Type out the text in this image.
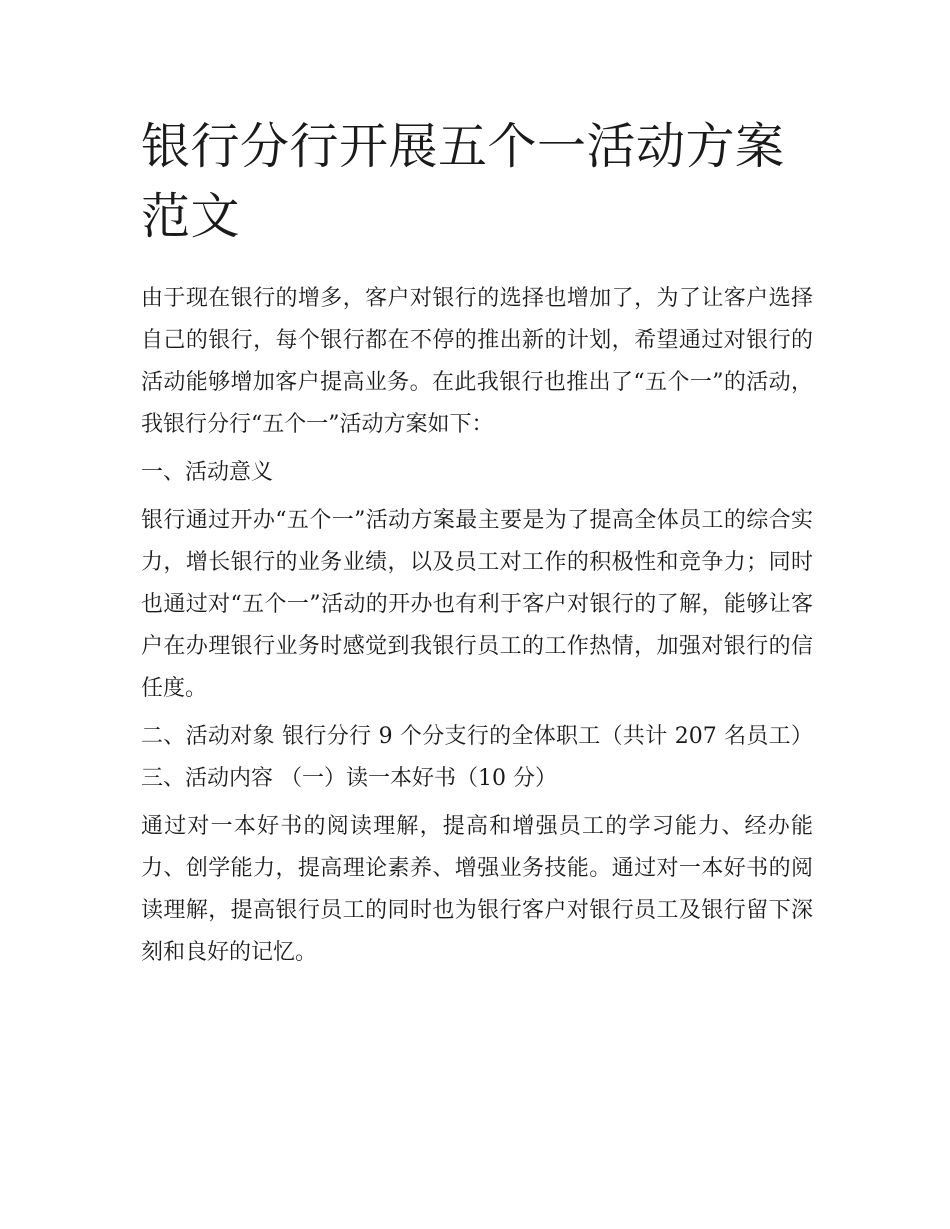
银行分行开展五个一活动方案范文

由于现在银行的增多，客户对银行的选择也增加了，为了让客户选择自己的银行，每个银行都在不停的推出新的计划，希望通过对银行的活动能够增加客户提高业务。在此我银行也推出了“五个一”的活动，我银行分行“五个一”活动方案如下：

一、活动意义

银行通过开办“五个一”活动方案最主要是为了提高全体员工的综合实力，增长银行的业务业绩，以及员工对工作的积极性和竞争力；同时也通过对“五个一”活动的开办也有利于客户对银行的了解，能够让客户在办理银行业务时感觉到我银行员工的工作热情，加强对银行的信任度。

二、活动对象 银行分行 9 个分支行的全体职工（共计 207 名员工） 三、活动内容 （一）读一本好书（10 分）

通过对一本好书的阅读理解，提高和增强员工的学习能力、经办能力、创学能力，提高理论素养、增强业务技能。通过对一本好书的阅读理解，提高银行员工的同时也为银行客户对银行员工及银行留下深刻和良好的记忆。
